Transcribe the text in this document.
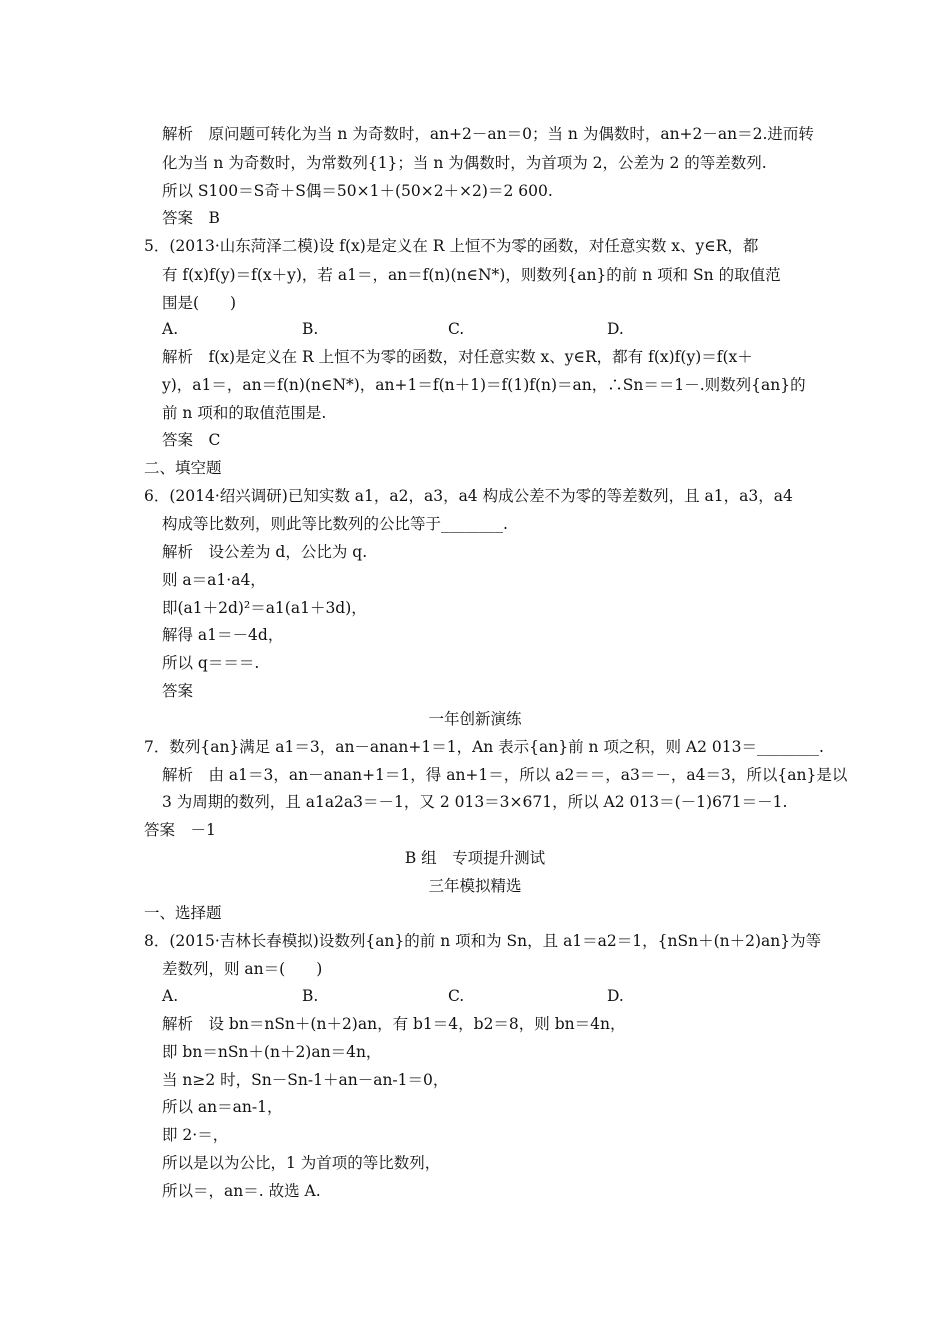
解析　原问题可转化为当 n 为奇数时，an+2－an＝0；当 n 为偶数时，an+2－an＝2.进而转
化为当 n 为奇数时，为常数列{1}；当 n 为偶数时，为首项为 2，公差为 2 的等差数列.
所以 S100＝S奇＋S偶＝50×1＋(50×2＋×2)＝2 600.
答案　B
5．(2013·山东菏泽二模)设 f(x)是定义在 R 上恒不为零的函数，对任意实数 x、y∈R，都
有 f(x)f(y)＝f(x＋y)，若 a1＝，an＝f(n)(n∈N*)，则数列{an}的前 n 项和 Sn 的取值范
围是(　　)
解析　f(x)是定义在 R 上恒不为零的函数，对任意实数 x、y∈R，都有 f(x)f(y)＝f(x＋
y)，a1＝，an＝f(n)(n∈N*)，an+1＝f(n＋1)＝f(1)f(n)＝an，∴Sn＝＝1－.则数列{an}的
前 n 项和的取值范围是.
答案　C
二、填空题
6．(2014·绍兴调研)已知实数 a1，a2，a3，a4 构成公差不为零的等差数列，且 a1，a3，a4
构成等比数列，则此等比数列的公比等于________.
解析　设公差为 d，公比为 q.
则 a＝a1·a4，
即(a1＋2d)²＝a1(a1＋3d)，
解得 a1＝－4d，
所以 q＝＝＝.
答案
一年创新演练
7．数列{an}满足 a1＝3，an－anan+1＝1，An 表示{an}前 n 项之积，则 A2 013＝________.
解析　由 a1＝3，an－anan+1＝1，得 an+1＝，所以 a2＝＝，a3＝－，a4＝3，所以{an}是以
3 为周期的数列，且 a1a2a3＝－1，又 2 013＝3×671，所以 A2 013＝(－1)671＝－1.
答案　－1
B 组　专项提升测试
三年模拟精选
一、选择题
8．(2015·吉林长春模拟)设数列{an}的前 n 项和为 Sn，且 a1＝a2＝1，{nSn＋(n＋2)an}为等
差数列，则 an＝(　　)
解析　设 bn＝nSn＋(n＋2)an，有 b1＝4，b2＝8，则 bn＝4n，
即 bn＝nSn＋(n＋2)an＝4n，
当 n≥2 时，Sn－Sn-1＋an－an-1＝0，
所以 an＝an-1，
即 2·＝，
所以是以为公比，1 为首项的等比数列，
所以＝，an＝. 故选 A.
A.	B.	C.	D.
A.	B.	C.	D.
